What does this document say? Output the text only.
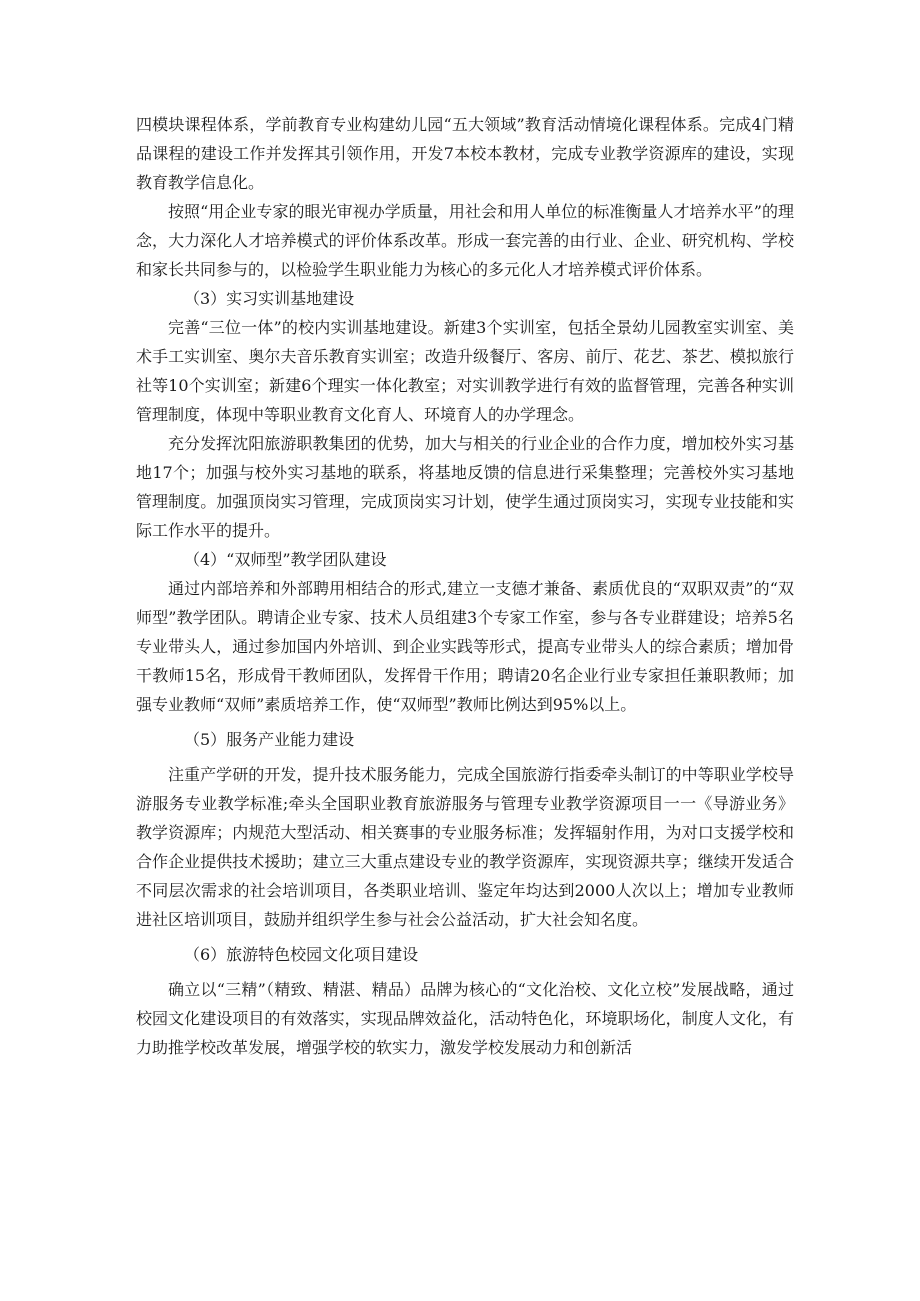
四模块课程体系，学前教育专业构建幼儿园“五大领域”教育活动情境化课程体系。完成4门精品课程的建设工作并发挥其引领作用，开发7本校本教材，完成专业教学资源库的建设，实现教育教学信息化。

按照“用企业专家的眼光审视办学质量，用社会和用人单位的标准衡量人才培养水平”的理念，大力深化人才培养模式的评价体系改革。形成一套完善的由行业、企业、研究机构、学校和家长共同参与的，以检验学生职业能力为核心的多元化人才培养模式评价体系。

（3）实习实训基地建设

完善“三位一体”的校内实训基地建设。新建3个实训室，包括全景幼儿园教室实训室、美术手工实训室、奥尔夫音乐教育实训室；改造升级餐厅、客房、前厅、花艺、茶艺、模拟旅行社等10个实训室；新建6个理实一体化教室；对实训教学进行有效的监督管理，完善各种实训管理制度，体现中等职业教育文化育人、环境育人的办学理念。

充分发挥沈阳旅游职教集团的优势，加大与相关的行业企业的合作力度，增加校外实习基地17个；加强与校外实习基地的联系，将基地反馈的信息进行采集整理；完善校外实习基地管理制度。加强顶岗实习管理，完成顶岗实习计划，使学生通过顶岗实习，实现专业技能和实际工作水平的提升。

（4）“双师型”教学团队建设

通过内部培养和外部聘用相结合的形式,建立一支德才兼备、素质优良的“双职双责”的“双师型”教学团队。聘请企业专家、技术人员组建3个专家工作室，参与各专业群建设；培养5名专业带头人，通过参加国内外培训、到企业实践等形式，提高专业带头人的综合素质；增加骨干教师15名，形成骨干教师团队，发挥骨干作用；聘请20名企业行业专家担任兼职教师；加强专业教师“双师”素质培养工作，使“双师型”教师比例达到95%以上。

（5）服务产业能力建设

注重产学研的开发，提升技术服务能力，完成全国旅游行指委牵头制订的中等职业学校导游服务专业教学标准;牵头全国职业教育旅游服务与管理专业教学资源项目一一《导游业务》教学资源库；内规范大型活动、相关赛事的专业服务标准；发挥辐射作用，为对口支援学校和合作企业提供技术援助；建立三大重点建设专业的教学资源库，实现资源共享；继续开发适合不同层次需求的社会培训项目，各类职业培训、鉴定年均达到2000人次以上；增加专业教师进社区培训项目，鼓励并组织学生参与社会公益活动，扩大社会知名度。

（6）旅游特色校园文化项目建设

确立以“三精”（精致、精湛、精品）品牌为核心的“文化治校、文化立校”发展战略，通过校园文化建设项目的有效落实，实现品牌效益化，活动特色化，环境职场化，制度人文化，有力助推学校改革发展，增强学校的软实力，激发学校发展动力和创新活
